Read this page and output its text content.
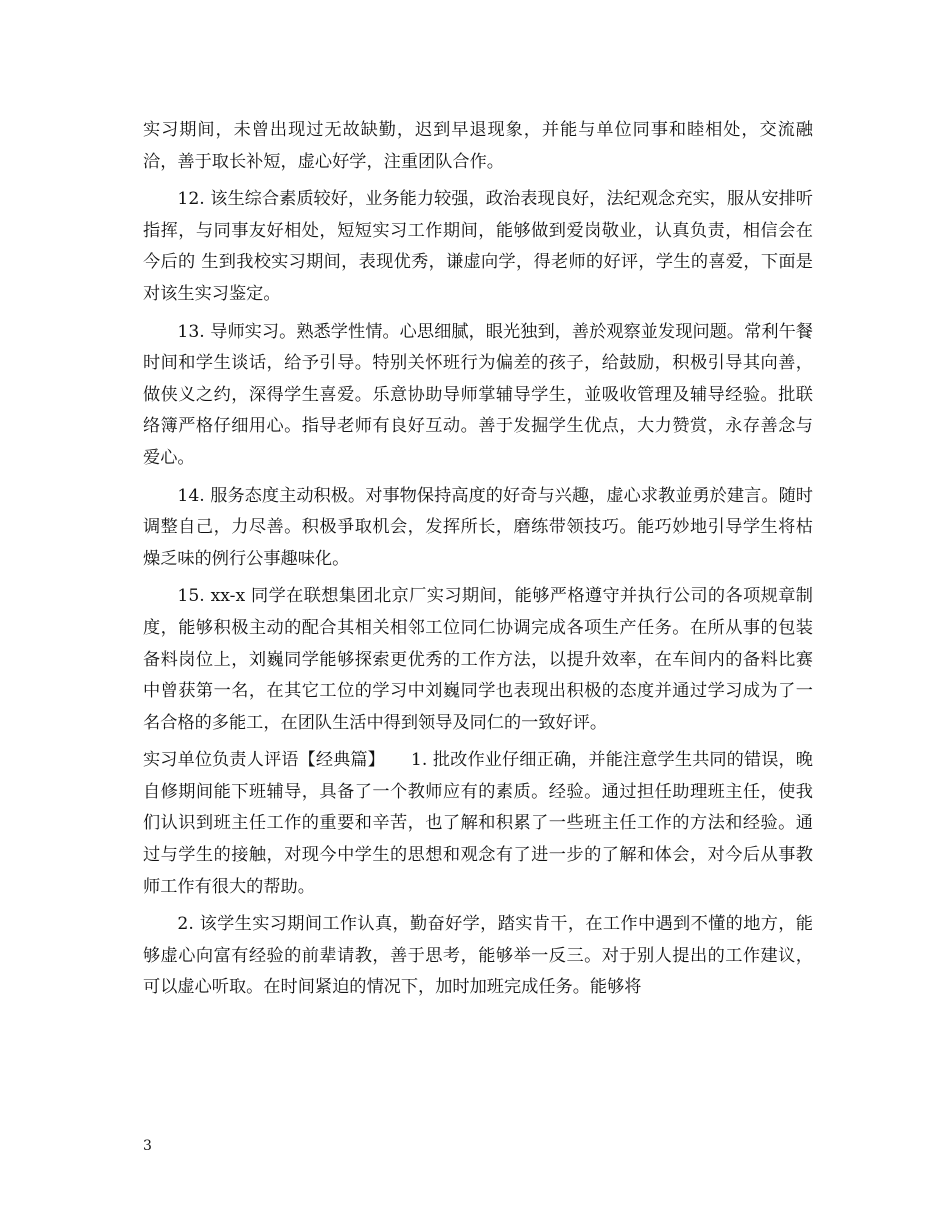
实习期间，未曾出现过无故缺勤，迟到早退现象，并能与单位同事和睦相处，交流融洽，善于取长补短，虚心好学，注重团队合作。

12. 该生综合素质较好，业务能力较强，政治表现良好，法纪观念充实，服从安排听指挥，与同事友好相处，短短实习工作期间，能够做到爱岗敬业，认真负责，相信会在今后的 生到我校实习期间，表现优秀，谦虚向学，得老师的好评，学生的喜爱，下面是对该生实习鉴定。

13. 导师实习。熟悉学性情。心思细腻，眼光独到，善於观察並发现问题。常利午餐时间和学生谈话，给予引导。特别关怀班行为偏差的孩子，给鼓励，积极引导其向善，做侠义之约，深得学生喜爱。乐意协助导师掌辅导学生，並吸收管理及辅导经验。批联络簿严格仔细用心。指导老师有良好互动。善于发掘学生优点，大力赞赏，永存善念与爱心。

14. 服务态度主动积极。对事物保持高度的好奇与兴趣，虚心求教並勇於建言。随时调整自己，力尽善。积极爭取机会，发挥所长，磨练带领技巧。能巧妙地引导学生将枯燥乏味的例行公事趣味化。

15. xx-x 同学在联想集团北京厂实习期间，能够严格遵守并执行公司的各项规章制度，能够积极主动的配合其相关相邻工位同仁协调完成各项生产任务。在所从事的包装备料岗位上，刘巍同学能够探索更优秀的工作方法，以提升效率，在车间内的备料比赛中曾获第一名，在其它工位的学习中刘巍同学也表现出积极的态度并通过学习成为了一名合格的多能工，在团队生活中得到领导及同仁的一致好评。

实习单位负责人评语【经典篇】　　1. 批改作业仔细正确，并能注意学生共同的错误，晚自修期间能下班辅导，具备了一个教师应有的素质。经验。通过担任助理班主任，使我们认识到班主任工作的重要和辛苦，也了解和积累了一些班主任工作的方法和经验。通过与学生的接触，对现今中学生的思想和观念有了进一步的了解和体会，对今后从事教师工作有很大的帮助。

2. 该学生实习期间工作认真，勤奋好学，踏实肯干，在工作中遇到不懂的地方，能够虚心向富有经验的前辈请教，善于思考，能够举一反三。对于别人提出的工作建议，可以虚心听取。在时间紧迫的情况下，加时加班完成任务。能够将

3
